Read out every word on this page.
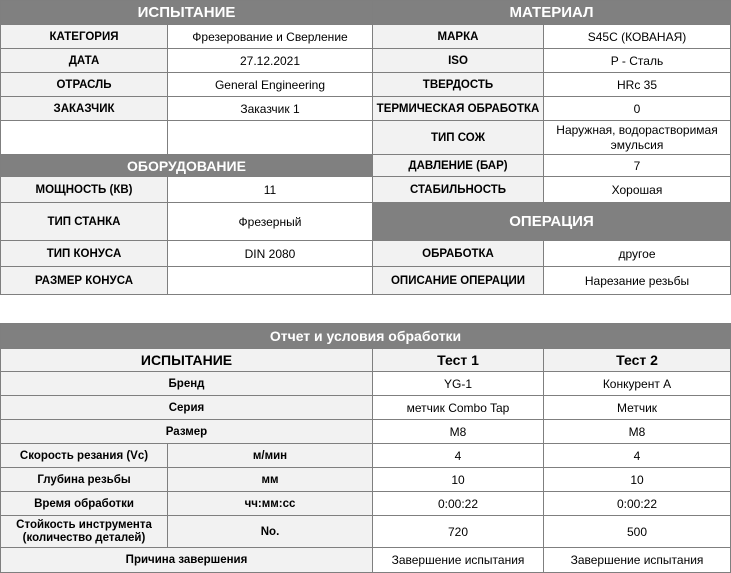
ИСПЫТАНИЕ		МАТЕРИАЛ	
КАТЕГОРИЯ	Фрезерование и Сверление	МАРКА	S45C (КОВАНАЯ)
ДАТА	27.12.2021	ISO	P - Сталь
ОТРАСЛЬ	General Engineering	ТВЕРДОСТЬ	HRc 35
ЗАКАЗЧИК	Заказчик 1	ТЕРМИЧЕСКАЯ ОБРАБОТКА	0
		ТИП СОЖ	Наружная, водорастворимая эмульсия
ОБОРУДОВАНИЕ		ДАВЛЕНИЕ (БАР)	7
МОЩНОСТЬ (КВ)	11	СТАБИЛЬНОСТЬ	Хорошая
ТИП СТАНКА	Фрезерный	ОПЕРАЦИЯ	
ТИП КОНУСА	DIN 2080	ОБРАБОТКА	другое
РАЗМЕР КОНУСА		ОПИСАНИЕ ОПЕРАЦИИ	Нарезание резьбы
Отчет и условия обработки			
ИСПЫТАНИЕ		Тест 1	Тест 2
Бренд		YG-1	Конкурент А
Серия		метчик Combo Tap	Метчик
Размер		M8	M8
Скорость резания (Vc)	м/мин	4	4
Глубина резьбы	мм	10	10
Время обработки	чч:мм:сс	0:00:22	0:00:22
Стойкость инструмента (количество деталей)	No.	720	500
Причина завершения		Завершение испытания	Завершение испытания
